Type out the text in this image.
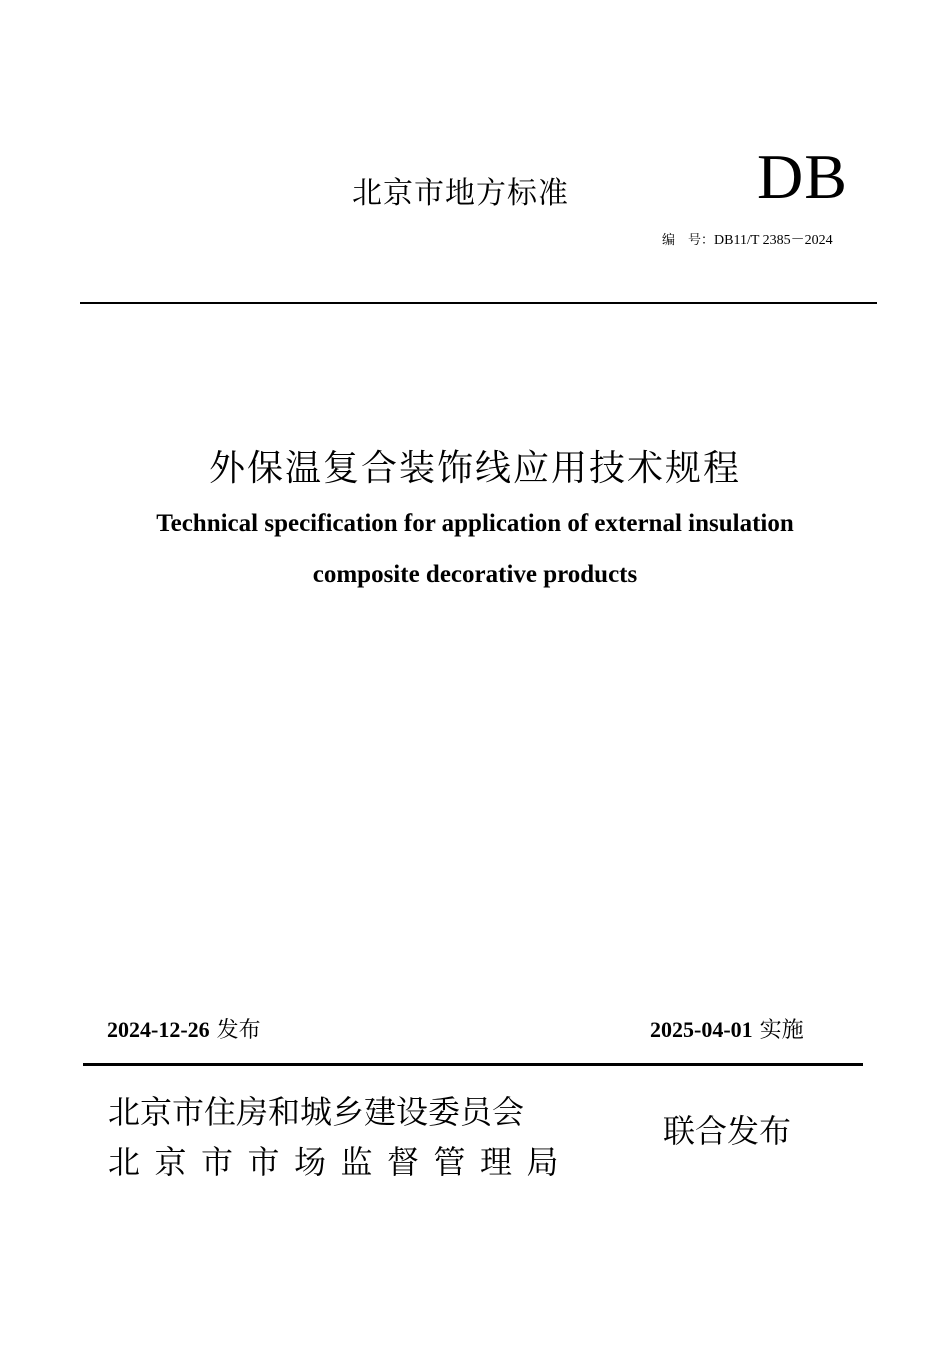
北京市地方标准	DB
编　号：DB11/T 2385－2024
外保温复合装饰线应用技术规程
Technical specification for application of external insulation
composite decorative products
2024-12-26 发布	2025-04-01 实施
北京市住房和城乡建设委员会
北京市市场监督管理局
联合发布
